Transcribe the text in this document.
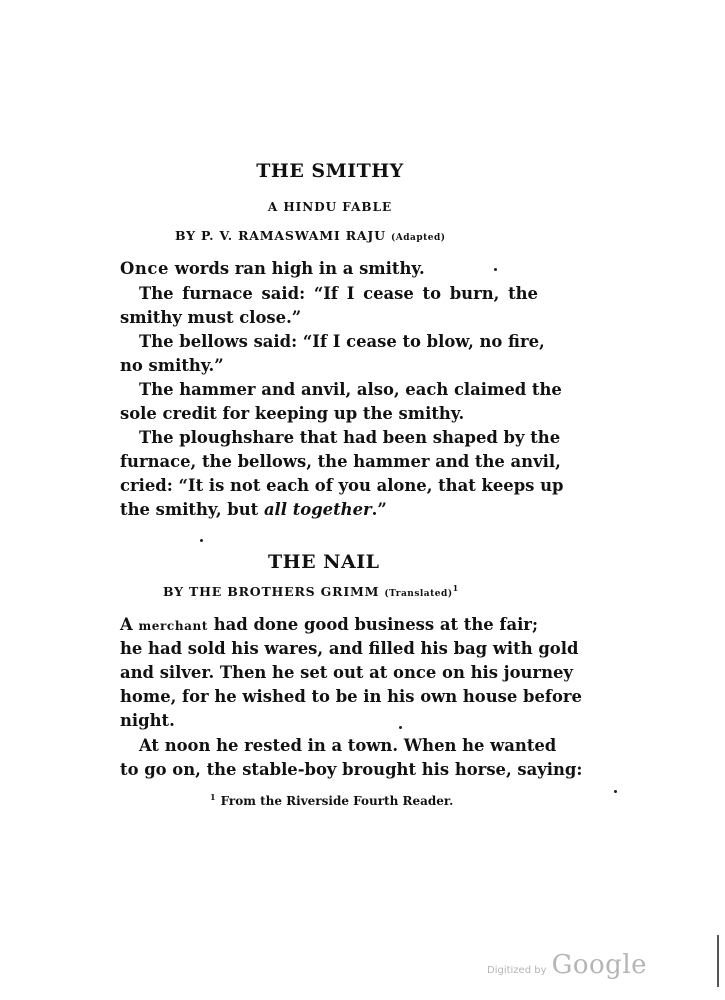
THE SMITHY
A HINDU FABLE
BY P. V. RAMASWAMI RAJU (Adapted)
Once words ran high in a smithy.
The furnace said: “If I cease to burn, the
smithy must close.”
The bellows said: “If I cease to blow, no fire,
no smithy.”
The hammer and anvil, also, each claimed the
sole credit for keeping up the smithy.
The ploughshare that had been shaped by the
furnace, the bellows, the hammer and the anvil,
cried: “It is not each of you alone, that keeps up
the smithy, but all together.”
THE NAIL
BY THE BROTHERS GRIMM (Translated)$^1$
A merchant had done good business at the fair;
he had sold his wares, and filled his bag with gold
and silver. Then he set out at once on his journey
home, for he wished to be in his own house before
night.
At noon he rested in a town. When he wanted
to go on, the stable-boy brought his horse, saying:
$^1$ From the Riverside Fourth Reader.
Digitized by Google
